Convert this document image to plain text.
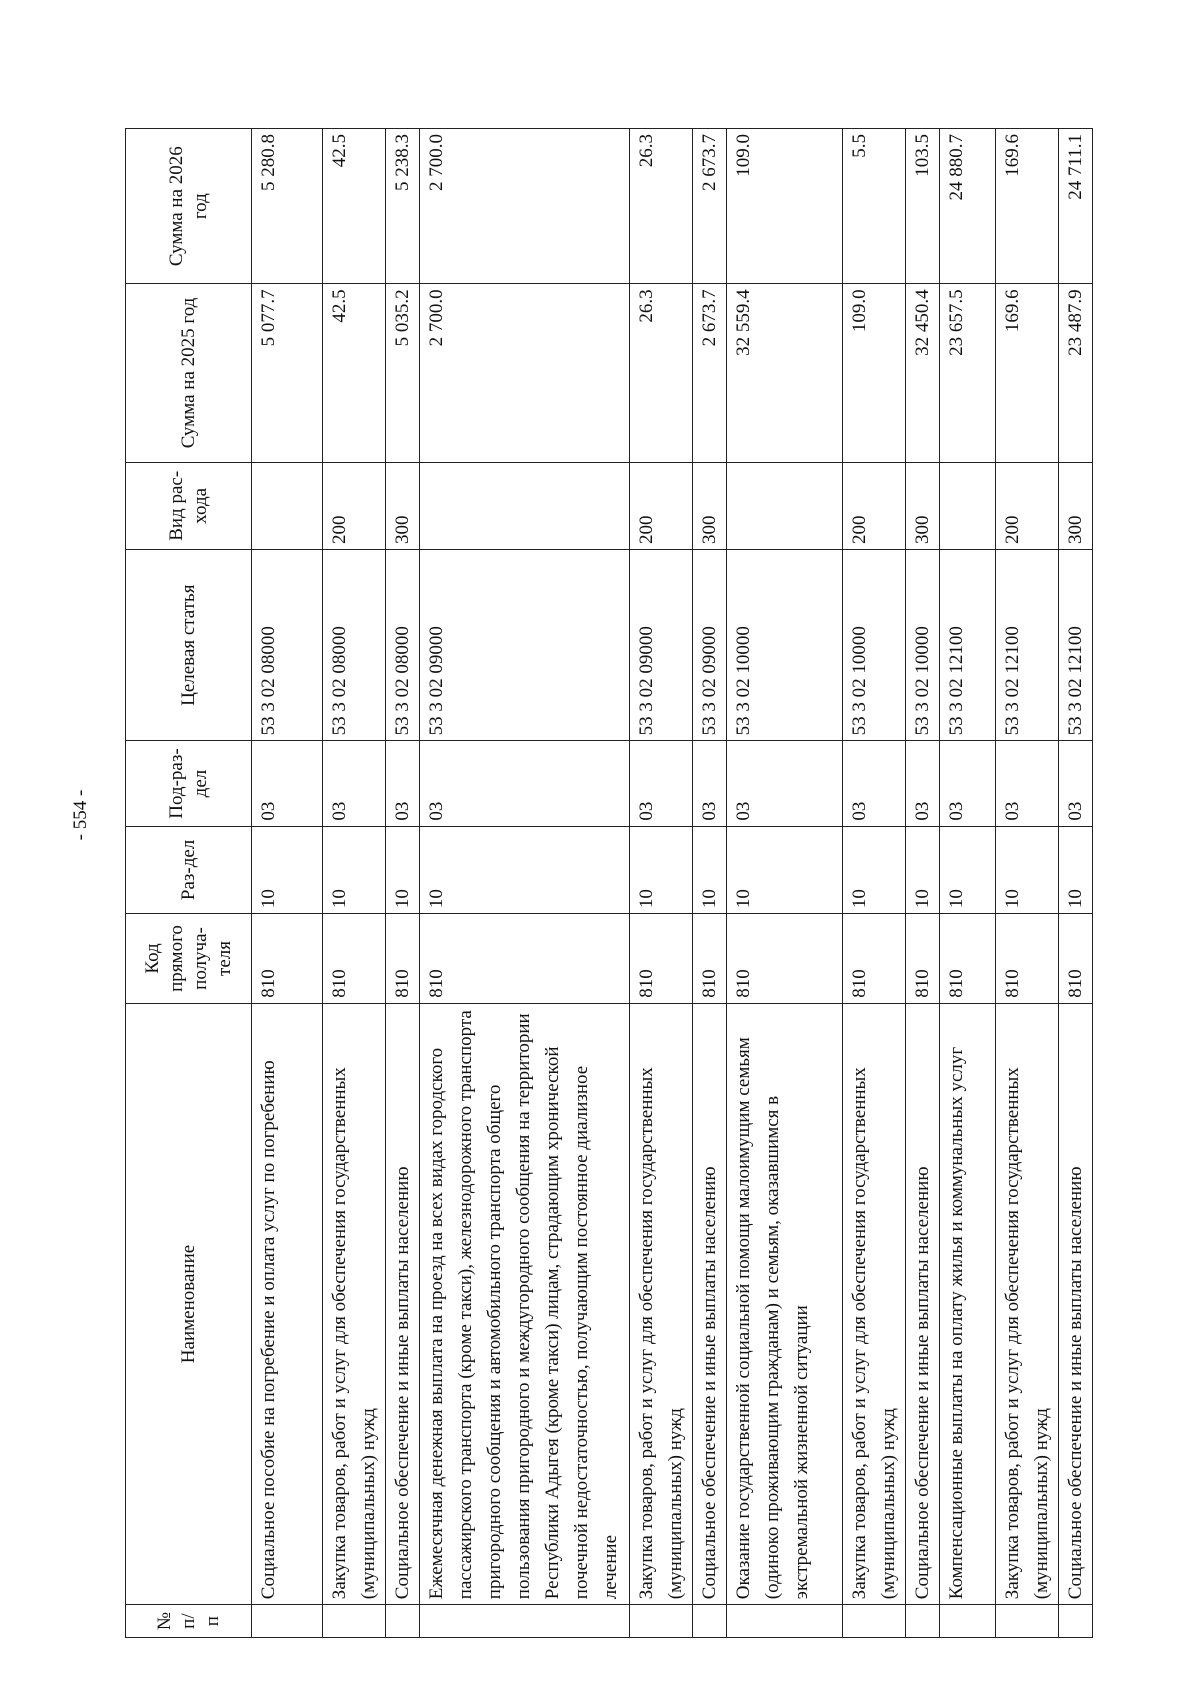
- 554 -
№ п/п	Наименование	Код прямого получа-теля	Раз-дел	Под-раз-дел	Целевая статья	Вид рас-хода	Сумма на 2025 год	Сумма на 2026 год
	Социальное пособие на погребение и оплата услуг по погребению	810	10	03	53 3 02 08000		5 077.7	5 280.8
	Закупка товаров, работ и услуг для обеспечения государственных (муниципальных) нужд	810	10	03	53 3 02 08000	200	42.5	42.5
	Социальное обеспечение и иные выплаты населению	810	10	03	53 3 02 08000	300	5 035.2	5 238.3
	Ежемесячная денежная выплата на проезд на всех видах городского пассажирского транспорта (кроме такси), железнодорожного транспорта пригородного сообщения и автомобильного транспорта общего пользования пригородного и междугородного сообщения на территории Республики Адыгея (кроме такси) лицам, страдающим хронической почечной недостаточностью, получающим постоянное диализное лечение	810	10	03	53 3 02 09000		2 700.0	2 700.0
	Закупка товаров, работ и услуг для обеспечения государственных (муниципальных) нужд	810	10	03	53 3 02 09000	200	26.3	26.3
	Социальное обеспечение и иные выплаты населению	810	10	03	53 3 02 09000	300	2 673.7	2 673.7
	Оказание государственной социальной помощи малоимущим семьям (одиноко проживающим гражданам) и семьям, оказавшимся в экстремальной жизненной ситуации	810	10	03	53 3 02 10000		32 559.4	109.0
	Закупка товаров, работ и услуг для обеспечения государственных (муниципальных) нужд	810	10	03	53 3 02 10000	200	109.0	5.5
	Социальное обеспечение и иные выплаты населению	810	10	03	53 3 02 10000	300	32 450.4	103.5
	Компенсационные выплаты на оплату жилья и коммунальных услуг	810	10	03	53 3 02 12100		23 657.5	24 880.7
	Закупка товаров, работ и услуг для обеспечения государственных (муниципальных) нужд	810	10	03	53 3 02 12100	200	169.6	169.6
	Социальное обеспечение и иные выплаты населению	810	10	03	53 3 02 12100	300	23 487.9	24 711.1
